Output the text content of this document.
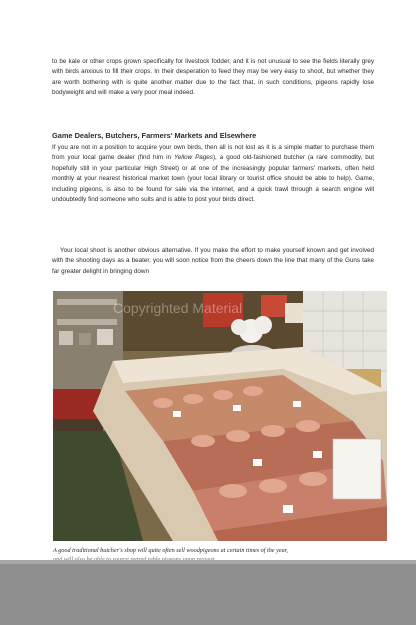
to be kale or other crops grown specifically for livestock fodder, and it is not unusual to see the fields literally grey with birds anxious to fill their crops. In their desperation to feed they may be very easy to shoot, but whether they are worth bothering with is quite another matter due to the fact that, in such conditions, pigeons rapidly lose bodyweight and will make a very poor meal indeed.

Game Dealers, Butchers, Farmers' Markets and Elsewhere

If you are not in a position to acquire your own birds, then all is not lost as it is a simple matter to purchase them from your local game dealer (find him in Yellow Pages), a good old-fashioned butcher (a rare commodity, but hopefully still in your particular High Street) or at one of the increasingly popular farmers' markets, often held monthly at your nearest historical market town (your local library or tourist office should be able to help). Game, including pigeons, is also to be found for sale via the internet, and a quick trawl through a search engine will undoubtedly find someone who suits and is able to post your birds direct.

Your local shoot is another obvious alternative. If you make the effort to make yourself known and get involved with the shooting days as a beater, you will soon notice from the cheers down the line that many of the Guns take far greater delight in bringing down

Copyrighted Material

A good traditional butcher's shop will quite often sell woodpigeons at certain times of the year,
